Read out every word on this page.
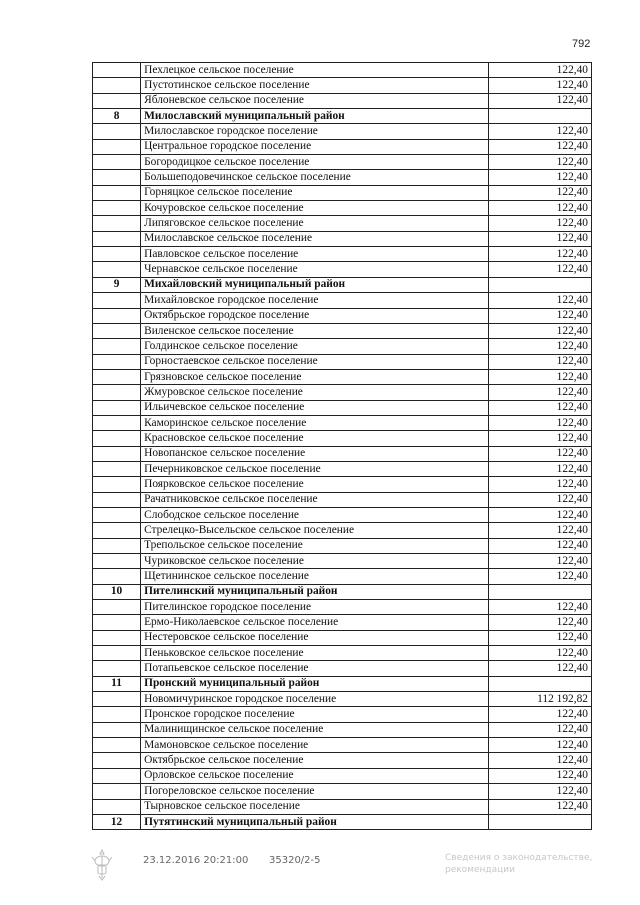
792
	Пехлецкое сельское поселение	122,40
	Пустотинское сельское поселение	122,40
	Яблоневское сельское поселение	122,40
8	Милославский муниципальный район	
	Милославское городское поселение	122,40
	Центральное городское поселение	122,40
	Богородицкое сельское поселение	122,40
	Большеподовечинское сельское поселение	122,40
	Горняцкое сельское поселение	122,40
	Кочуровское сельское поселение	122,40
	Липяговское сельское поселение	122,40
	Милославское сельское поселение	122,40
	Павловское сельское поселение	122,40
	Чернавское сельское поселение	122,40
9	Михайловский муниципальный район	
	Михайловское городское поселение	122,40
	Октябрьское городское поселение	122,40
	Виленское сельское поселение	122,40
	Голдинское сельское поселение	122,40
	Горностаевское сельское поселение	122,40
	Грязновское сельское поселение	122,40
	Жмуровское сельское поселение	122,40
	Ильичевское сельское поселение	122,40
	Каморинское сельское поселение	122,40
	Красновское сельское поселение	122,40
	Новопанское сельское поселение	122,40
	Печерниковское сельское поселение	122,40
	Поярковское сельское поселение	122,40
	Рачатниковское сельское поселение	122,40
	Слободское сельское поселение	122,40
	Стрелецко-Высельское сельское поселение	122,40
	Трепольское сельское поселение	122,40
	Чуриковское сельское поселение	122,40
	Щетининское сельское поселение	122,40
10	Пителинский муниципальный район	
	Пителинское городское поселение	122,40
	Ермо-Николаевское сельское поселение	122,40
	Нестеровское сельское поселение	122,40
	Пеньковское сельское поселение	122,40
	Потапьевское сельское поселение	122,40
11	Пронский муниципальный район	
	Новомичуринское городское поселение	112 192,82
	Пронское городское поселение	122,40
	Малинищинское сельское поселение	122,40
	Мамоновское сельское поселение	122,40
	Октябрьское сельское поселение	122,40
	Орловское сельское поселение	122,40
	Погореловское сельское поселение	122,40
	Тырновское сельское поселение	122,40
12	Путятинский муниципальный район	
23.12.2016 20:21:00 35320/2-5	Сведения о законодательстве, рекомендации
